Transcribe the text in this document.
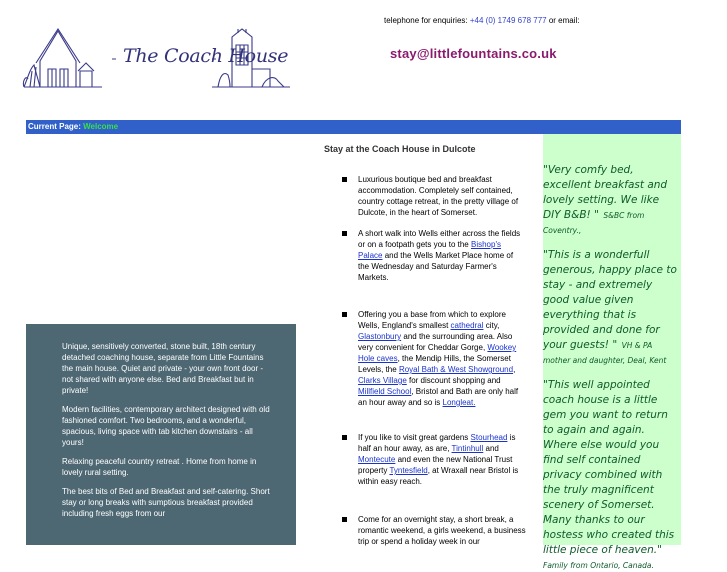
The Coach House
telephone for enquiries: +44 (0) 1749 678 777 or email:
stay@littlefountains.co.uk
Current Page: Welcome

Unique, sensitively converted, stone built, 18th century detached coaching house, separate from Little Fountains the main house. Quiet and private - your own front door - not shared with anyone else. Bed and Breakfast but in private!

Modern facilities, contemporary architect designed with old fashioned comfort. Two bedrooms, and a wonderful, spacious, living space with tab kitchen downstairs - all yours!

Relaxing peaceful country retreat . Home from home in lovely rural setting.

The best bits of Bed and Breakfast and self-catering. Short stay or long breaks with sumptious breakfast provided including fresh eggs from our

Stay at the Coach House in Dulcote
Luxurious boutique bed and breakfast accommodation. Completely self contained, country cottage retreat, in the pretty village of Dulcote, in the heart of Somerset.
A short walk into Wells either across the fields or on a footpath gets you to the Bishop's Palace and the Wells Market Place home of the Wednesday and Saturday Farmer's Markets.
Offering you a base from which to explore Wells, England's smallest cathedral city, Glastonbury and the surrounding area. Also very convenient for Cheddar Gorge, Wookey Hole caves, the Mendip Hills, the Somerset Levels, the Royal Bath & West Showground, Clarks Village for discount shopping and Millfield School, Bristol and Bath are only half an hour away and so is Longleat.
If you like to visit great gardens Stourhead is half an hour away, as are, Tintinhull and Montecute and even the new National Trust property Tyntesfield, at Wraxall near Bristol is within easy reach.
Come for an overnight stay, a short break, a romantic weekend, a girls weekend, a business trip or spend a holiday week in our
"Very comfy bed, excellent breakfast and lovely setting. We like DIY B&B! " S&BC from Coventry.,
"This is a wonderfull generous, happy place to stay - and extremely good value given everything that is provided and done for your guests! " VH & PA mother and daughter, Deal, Kent
"This well appointed coach house is a little gem you want to return to again and again. Where else would you find self contained privacy combined with the truly magnificent scenery of Somerset. Many thanks to our hostess who created this little piece of heaven." Family from Ontario, Canada.
